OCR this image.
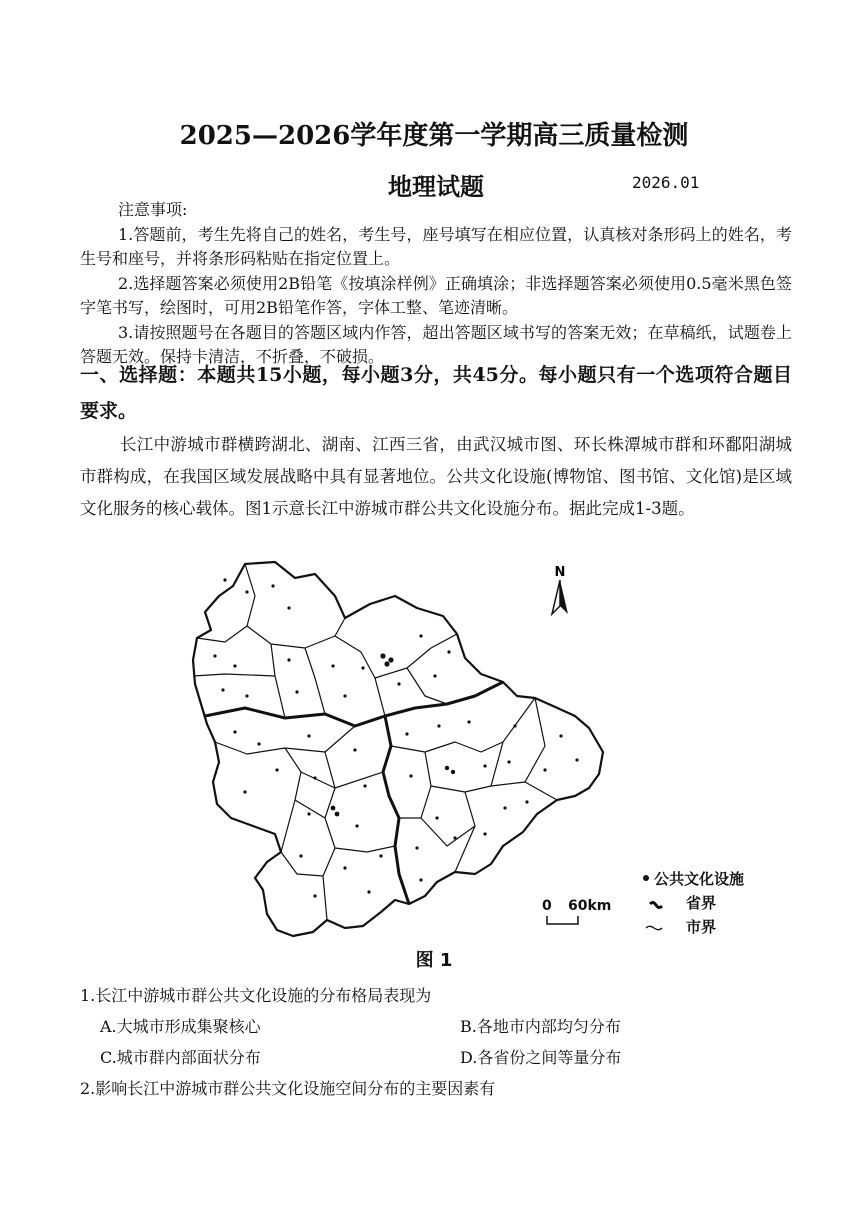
2025—2026学年度第一学期高三质量检测
地理试题	2026.01

注意事项:

1.答题前，考生先将自己的姓名，考生号，座号填写在相应位置，认真核对条形码上的姓名，考生号和座号，并将条形码粘贴在指定位置上。

2.选择题答案必须使用2B铅笔《按填涂样例》正确填涂；非选择题答案必须使用0.5毫米黑色签字笔书写，绘图时，可用2B铅笔作答，字体工整、笔迹清晰。

3.请按照题号在各题目的答题区域内作答，超出答题区域书写的答案无效；在草稿纸，试题卷上答题无效。保持卡清洁，不折叠，不破损。

一、选择题：本题共15小题，每小题3分，共45分。每小题只有一个选项符合题目要求。
长江中游城市群横跨湖北、湖南、江西三省，由武汉城市图、环长株潭城市群和环鄱阳湖城市群构成，在我国区域发展战略中具有显著地位。公共文化设施(博物馆、图书馆、文化馆)是区域文化服务的核心载体。图1示意长江中游城市群公共文化设施分布。据此完成1-3题。
N
公共文化设施
省界
市界
0 60km
图 1
1.长江中游城市群公共文化设施的分布格局表现为
A.大城市形成集聚核心	B.各地市内部均匀分布
C.城市群内部面状分布	D.各省份之间等量分布
2.影响长江中游城市群公共文化设施空间分布的主要因素有
